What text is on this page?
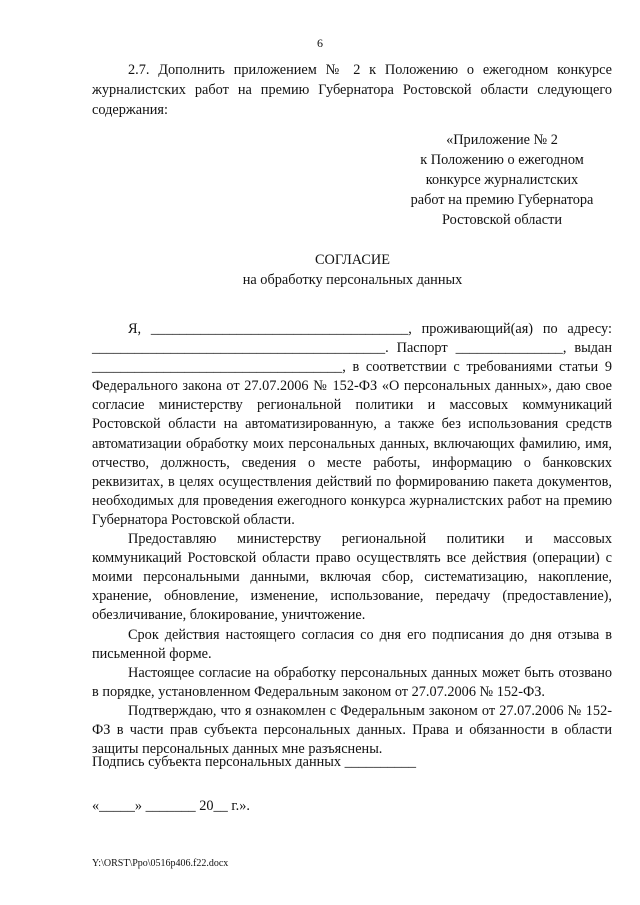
6

2.7. Дополнить приложением № 2 к Положению о ежегодном конкурсе журналистских работ на премию Губернатора Ростовской области следующего содержания:

«Приложение № 2
к Положению о ежегодном
конкурсе журналистских
работ на премию Губернатора
Ростовской области
СОГЛАСИЕ
на обработку персональных данных

Я, ____________________________________, проживающий(ая) по адресу: _________________________________________. Паспорт _______________, выдан ___________________________________, в соответствии с требованиями статьи 9 Федерального закона от 27.07.2006 № 152-ФЗ «О персональных данных», даю свое согласие министерству региональной политики и массовых коммуникаций Ростовской области на автоматизированную, а также без использования средств автоматизации обработку моих персональных данных, включающих фамилию, имя, отчество, должность, сведения о месте работы, информацию о банковских реквизитах, в целях осуществления действий по формированию пакета документов, необходимых для проведения ежегодного конкурса журналистских работ на премию Губернатора Ростовской области.

Предоставляю министерству региональной политики и массовых коммуникаций Ростовской области право осуществлять все действия (операции) с моими персональными данными, включая сбор, систематизацию, накопление, хранение, обновление, изменение, использование, передачу (предоставление), обезличивание, блокирование, уничтожение.

Срок действия настоящего согласия со дня его подписания до дня отзыва в письменной форме.

Настоящее согласие на обработку персональных данных может быть отозвано в порядке, установленном Федеральным законом от 27.07.2006 № 152-ФЗ.

Подтверждаю, что я ознакомлен с Федеральным законом от 27.07.2006 № 152-ФЗ в части прав субъекта персональных данных. Права и обязанности в области защиты персональных данных мне разъяснены.

Подпись субъекта персональных данных __________
«_____» _______ 20__ г.».
Y:\ORST\Ppo\0516p406.f22.docx
